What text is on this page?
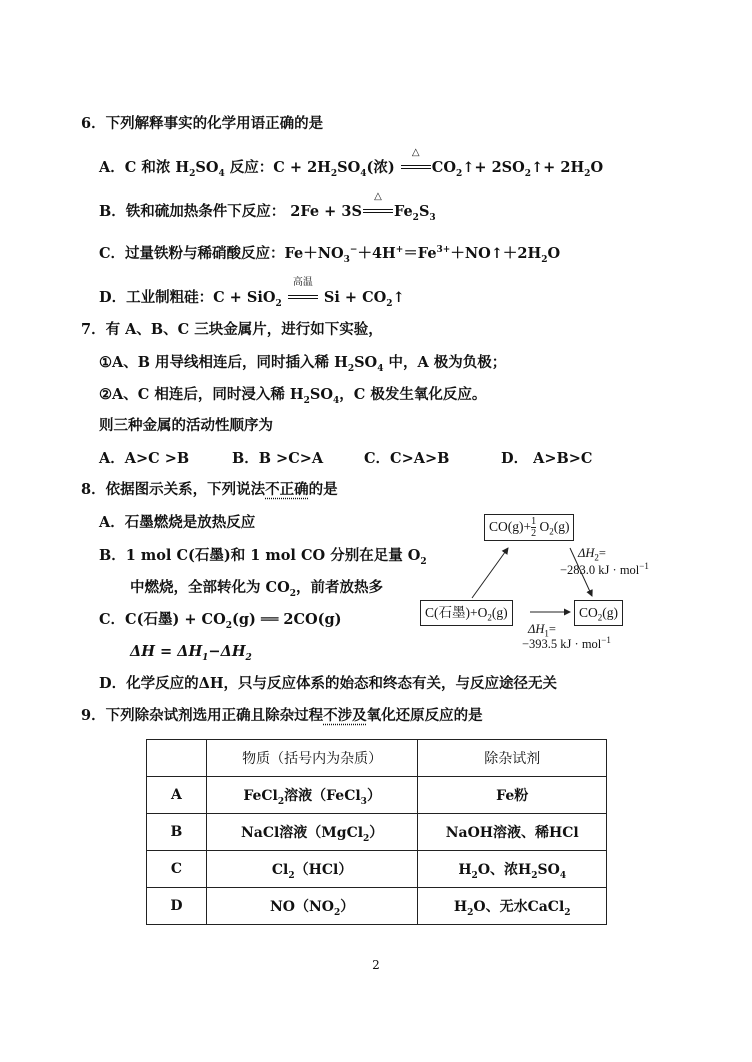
6．下列解释事实的化学用语正确的是
A．C 和浓 $H_2SO_4$ 反应：$C + 2H_2SO_4$(浓)
△
$CO_2↑+$ $2SO_2↑+ 2H_2O$
B．铁和硫加热条件下反应： 2Fe + 3S
△
$Fe_2S_3$
C．过量铁粉与稀硝酸反应：$Fe+NO_3^-+4H^+=Fe^{3+}+NO↑+2H_2O$
D．工业制粗硅：C + SiO$_2$
高温
$Si + CO_2↑$
7．有 A、B、C 三块金属片，进行如下实验，
①A、B 用导线相连后，同时插入稀 $H_2SO_4$ 中，A 极为负极；
②A、C 相连后，同时浸入稀 $H_2SO_4$，C 极发生氧化反应。
则三种金属的活动性顺序为
A．A>C >B	B．B >C>A	C．C>A>B	D． A>B>C
8．依据图示关系，下列说法不正确的是
A．石墨燃烧是放热反应
B．1 mol C(石墨)和 1 mol CO 分别在足量 $O_2$
中燃烧，全部转化为 $CO_2$，前者放热多
C．C(石墨) + $CO_2(g)$ ══ 2CO(g)
$\Delta H = \Delta H_1-\Delta H_2$
D．化学反应的ΔH，只与反应体系的始态和终态有关，与反应途径无关
$CO(g)+ \frac{1}{2} O_2(g)$
C(石墨)$+O_2(g)$	$CO_2(g)$
$\Delta H_2=$
−283.0 kJ · mol$^{-1}$
$\Delta H_1=$
−393.5 kJ · mol$^{-1}$
9．下列除杂试剂选用正确且除杂过程不涉及氧化还原反应的是
	物质（括号内为杂质）	除杂试剂
A	FeCl$_2$溶液（FeCl$_3$）	Fe粉
B	NaCl溶液（MgCl$_2$）	NaOH溶液、稀HCl
C	$Cl_2(HCl)$	$H_2O$、浓$H_2SO_4$
D	$NO(NO_2)$	$H_2O$、无水CaCl$_2$
2
